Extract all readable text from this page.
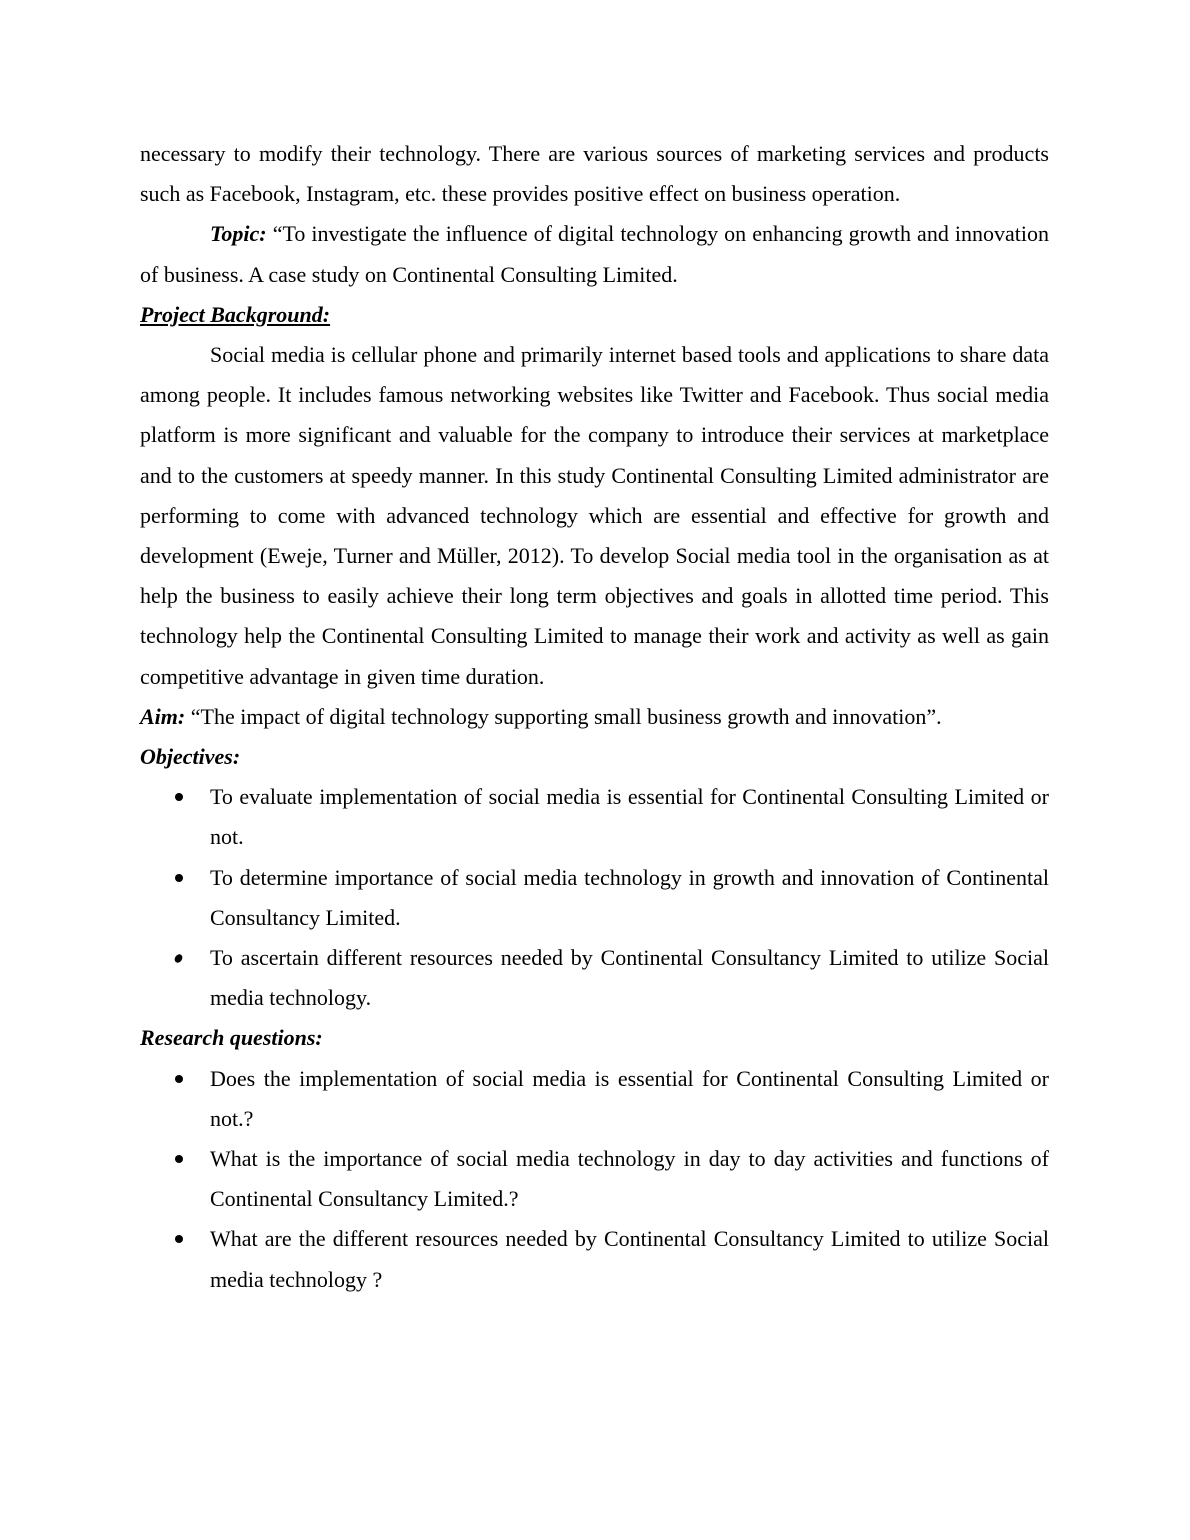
necessary to modify their technology. There are various sources of marketing services and products such as Facebook, Instagram, etc. these provides positive effect on business operation.

Topic: “To investigate the influence of digital technology on enhancing growth and innovation of business. A case study on Continental Consulting Limited.

Project Background:

Social media is cellular phone and primarily internet based tools and applications to share data among people. It includes famous networking websites like Twitter and Facebook. Thus social media platform is more significant and valuable for the company to introduce their services at marketplace and to the customers at speedy manner. In this study Continental Consulting Limited administrator are performing to come with advanced technology which are essential and effective for growth and development (Eweje, Turner and Müller, 2012). To develop Social media tool in the organisation as at help the business to easily achieve their long term objectives and goals in allotted time period. This technology help the Continental Consulting Limited to manage their work and activity as well as gain competitive advantage in given time duration.

Aim: “The impact of digital technology supporting small business growth and innovation”.

Objectives:

To evaluate implementation of social media is essential for Continental Consulting Limited or not.
To determine importance of social media technology in growth and innovation of Continental Consultancy Limited.
To ascertain different resources needed by Continental Consultancy Limited to utilize Social media technology.

Research questions:

Does the implementation of social media is essential for Continental Consulting Limited or not.?
What is the importance of social media technology in day to day activities and functions of Continental Consultancy Limited.?
What are the different resources needed by Continental Consultancy Limited to utilize Social media technology ?
